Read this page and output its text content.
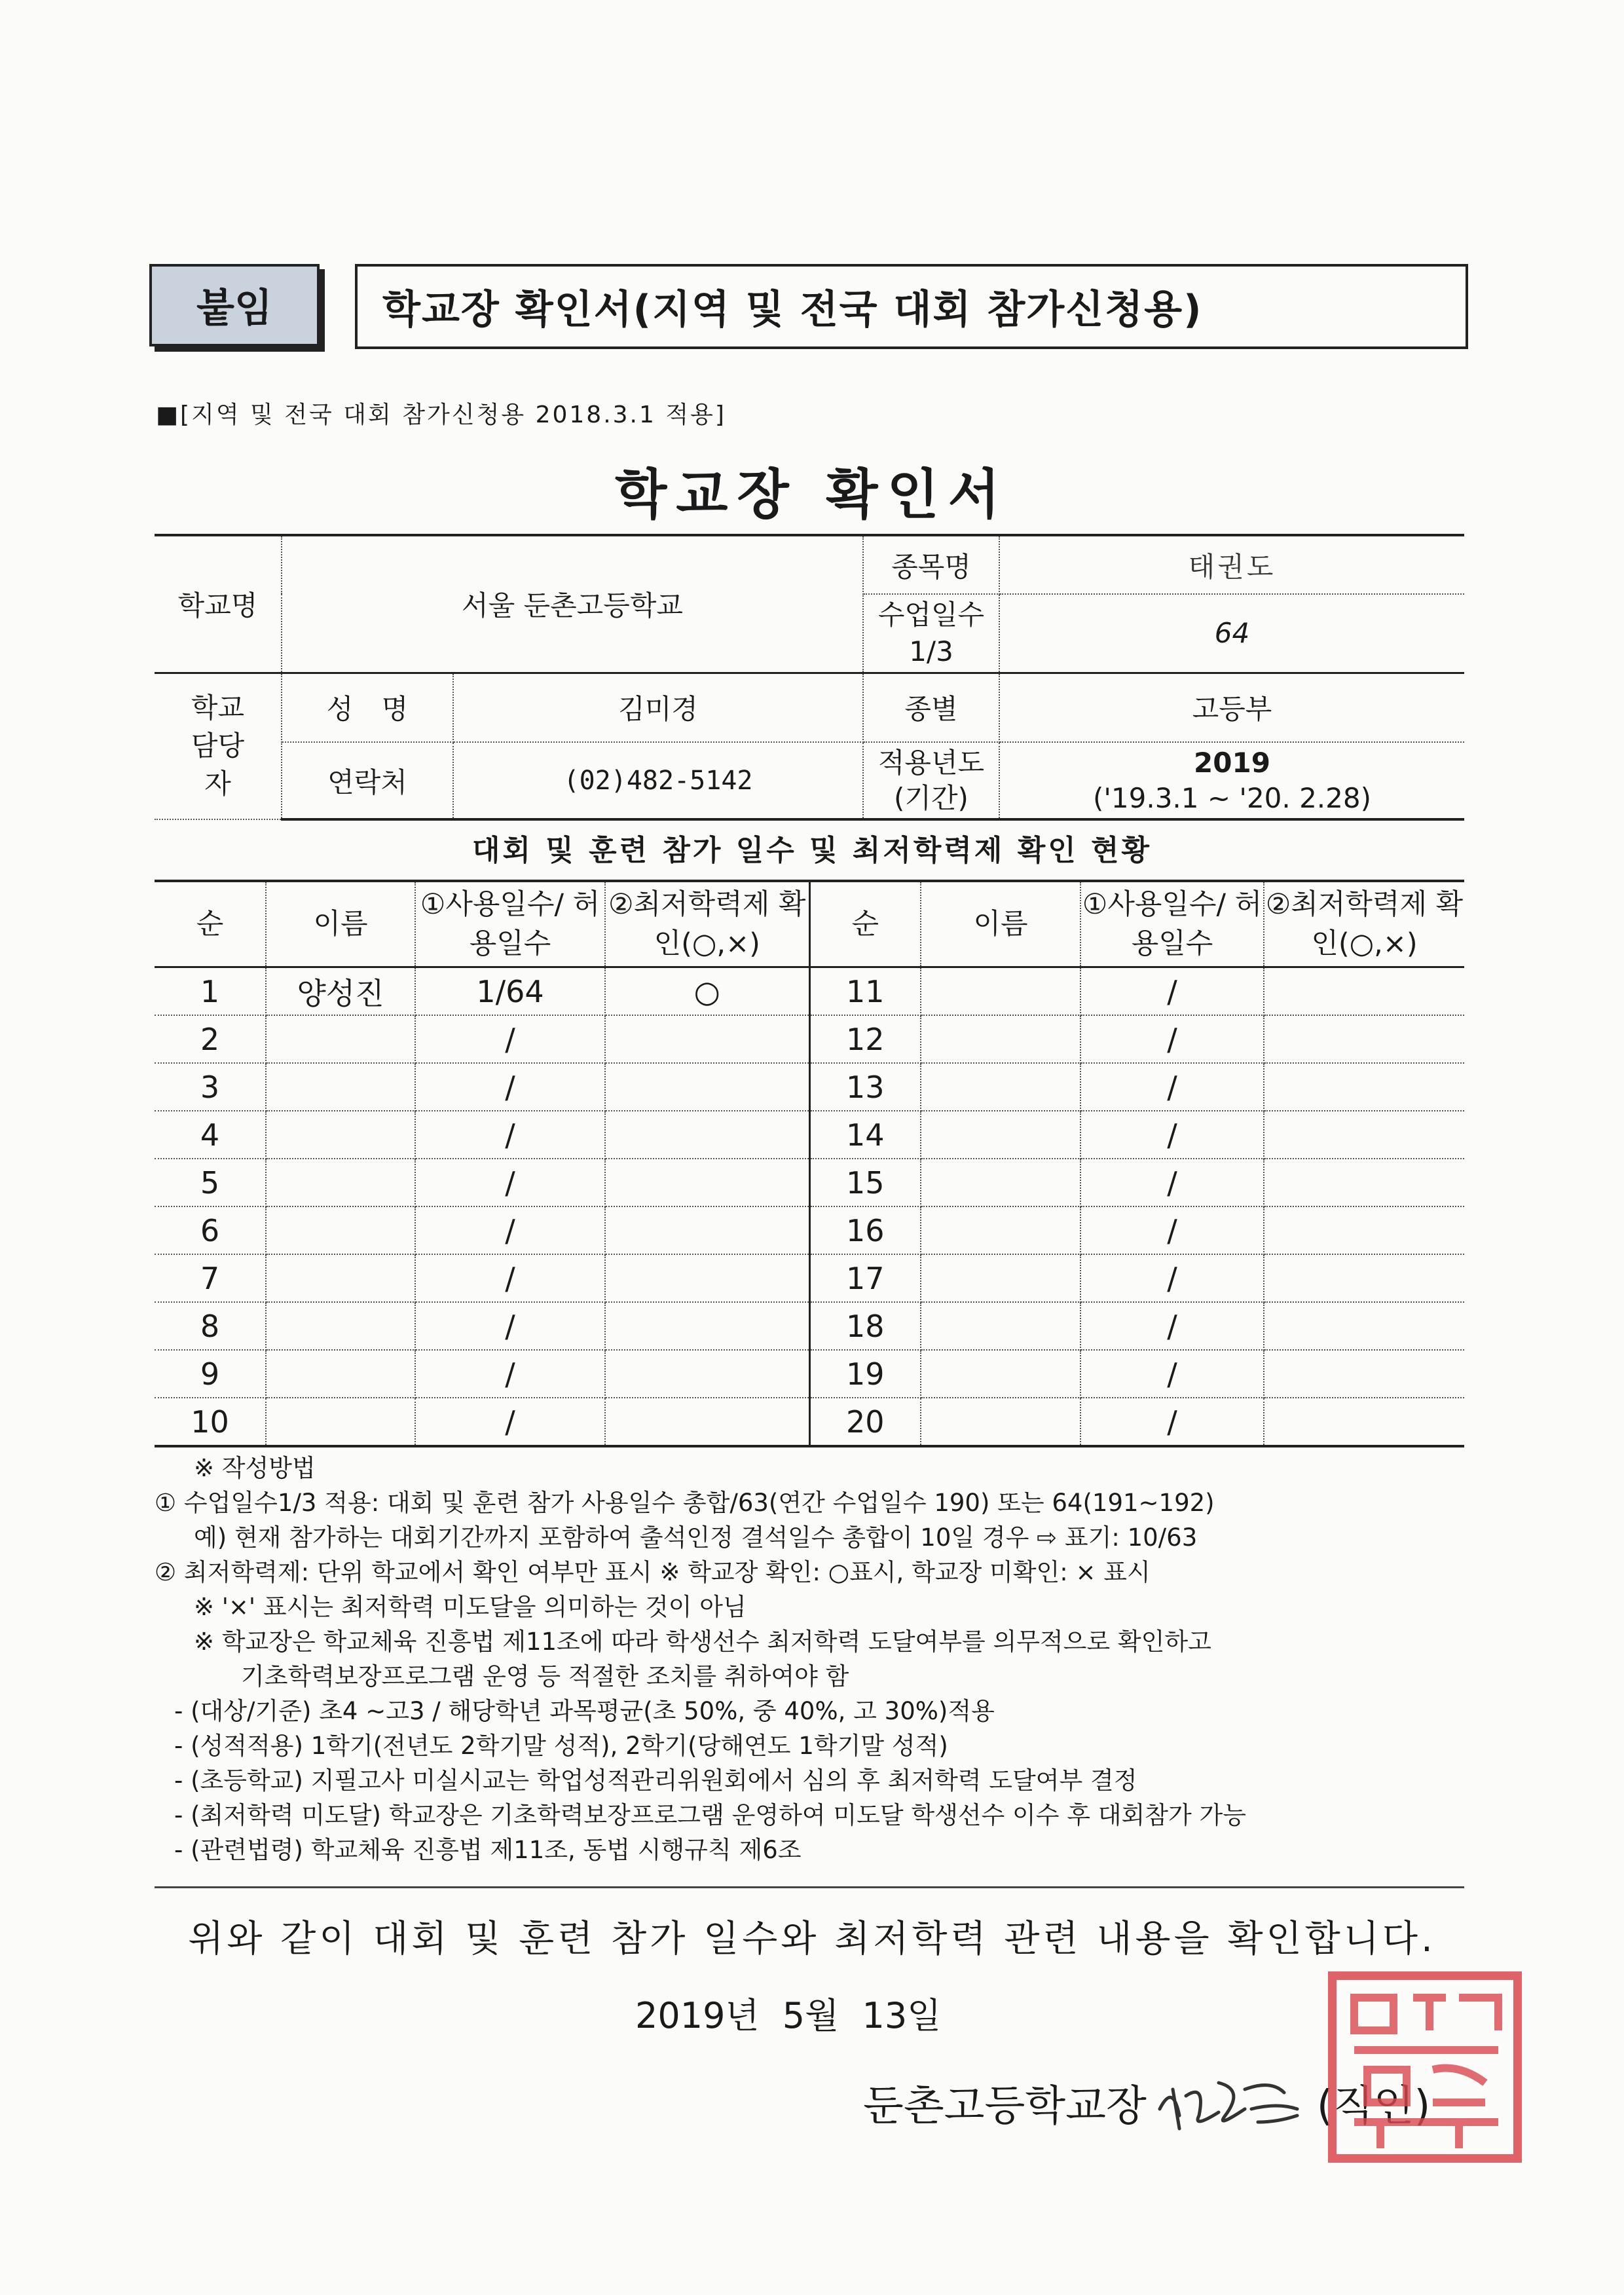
붙임	학교장 확인서(지역 및 전국 대회 참가신청용)
■[지역 및 전국 대회 참가신청용 2018.3.1 적용]
학교장 확인서
학교명	서울 둔촌고등학교		종목명	태권도
			수업일수 1/3	64
학교 담당자	성 명	김미경	종별	고등부
	연락처	(02)482-5142	적용년도 (기간)	2019
('19.3.1 ~ '20. 2.28)
대회 및 훈련 참가 일수 및 최저학력제 확인 현황
순	이름	①사용일수/ 허용일수	②최저학력제 확인(○,×)	순	이름	①사용일수/ 허용일수	②최저학력제 확인(○,×)
1	양성진	1/64	○	11		/	
2		/		12		/	
3		/		13		/	
4		/		14		/	
5		/		15		/	
6		/		16		/	
7		/		17		/	
8		/		18		/	
9		/		19		/	
10		/		20		/	
※ 작성방법
① 수업일수1/3 적용: 대회 및 훈련 참가 사용일수 총합/63(연간 수업일수 190) 또는 64(191~192)
예) 현재 참가하는 대회기간까지 포함하여 출석인정 결석일수 총합이 10일 경우 ⇨ 표기: 10/63
② 최저학력제: 단위 학교에서 확인 여부만 표시 ※ 학교장 확인: ○표시, 학교장 미확인: × 표시
※ '×' 표시는 최저학력 미도달을 의미하는 것이 아님
※ 학교장은 학교체육 진흥법 제11조에 따라 학생선수 최저학력 도달여부를 의무적으로 확인하고
기초학력보장프로그램 운영 등 적절한 조치를 취하여야 함
- (대상/기준) 초4 ~고3 / 해당학년 과목평균(초 50%, 중 40%, 고 30%)적용
- (성적적용) 1학기(전년도 2학기말 성적), 2학기(당해연도 1학기말 성적)
- (초등학교) 지필고사 미실시교는 학업성적관리위원회에서 심의 후 최저학력 도달여부 결정
- (최저학력 미도달) 학교장은 기초학력보장프로그램 운영하여 미도달 학생선수 이수 후 대회참가 가능
- (관련법령) 학교체육 진흥법 제11조, 동법 시행규칙 제6조
위와 같이 대회 및 훈련 참가 일수와 최저학력 관련 내용을 확인합니다.
2019년 5월 13일
둔촌고등학교장	(직인)
